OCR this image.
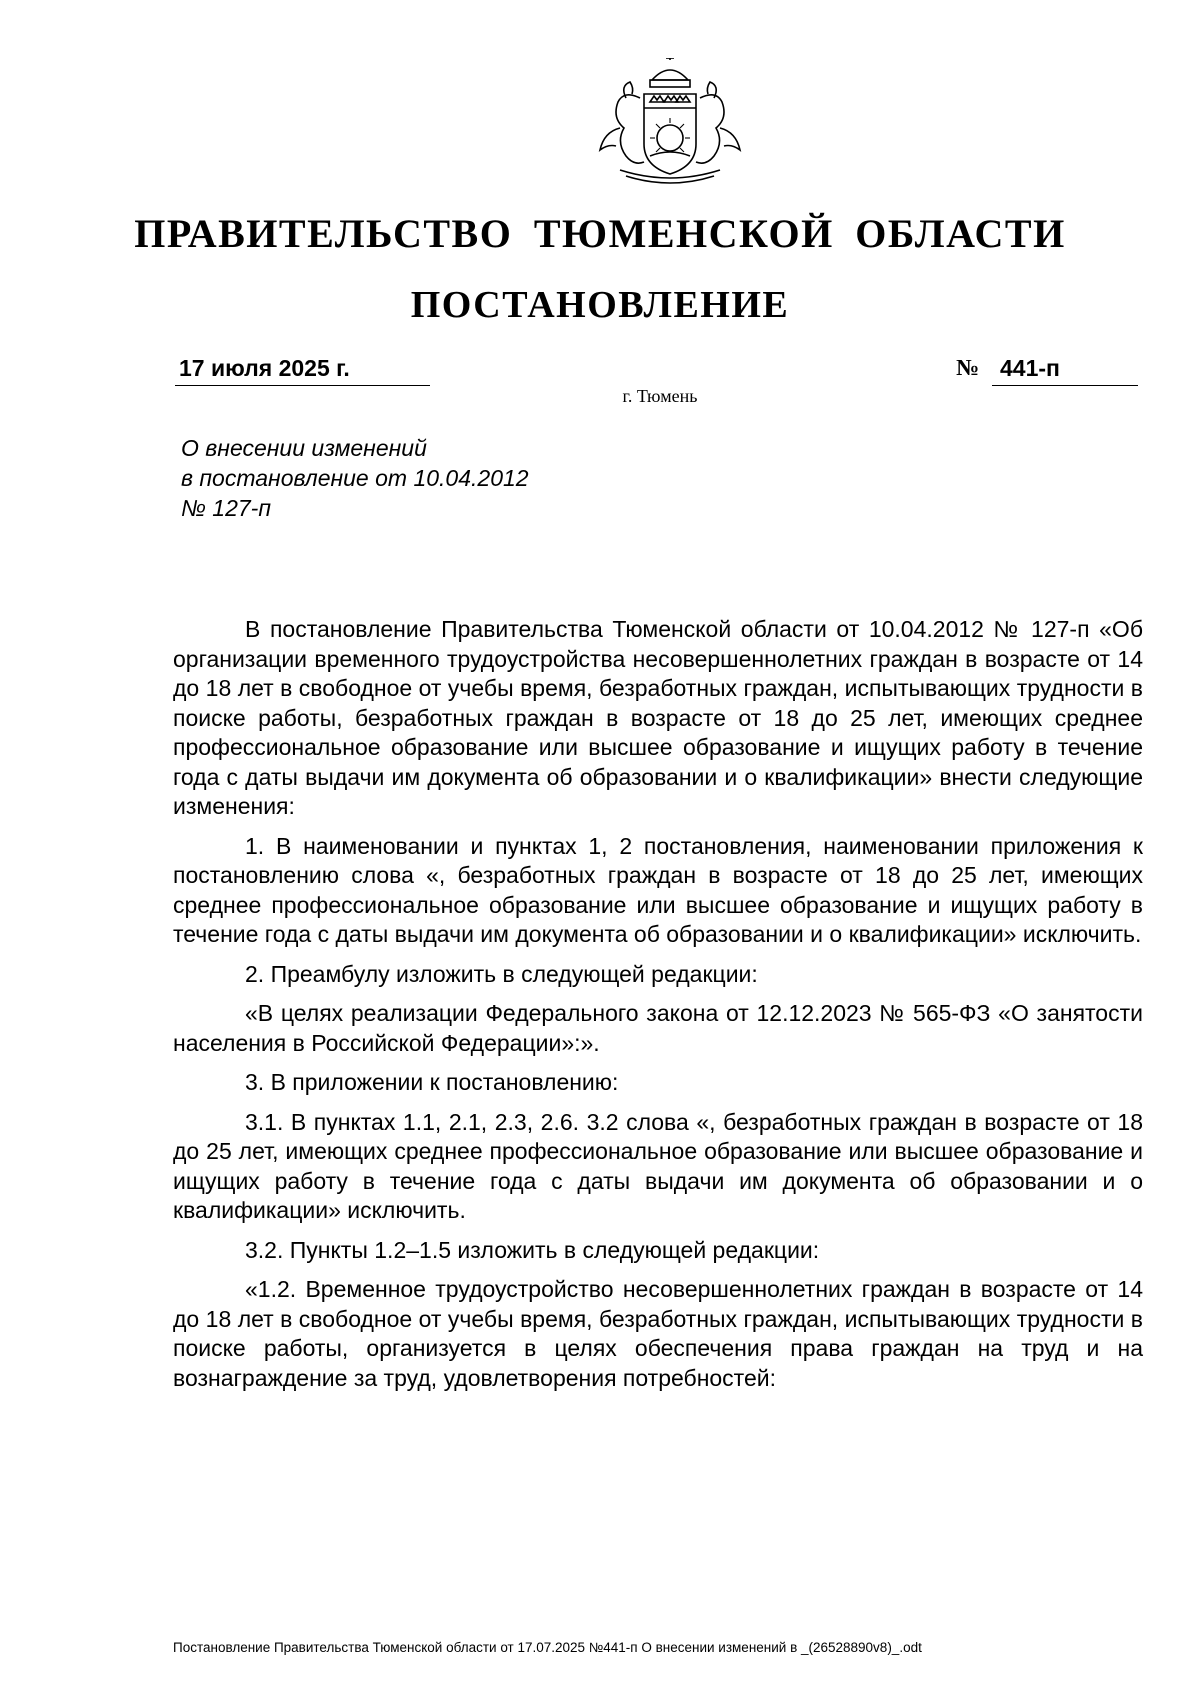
ПРАВИТЕЛЬСТВО ТЮМЕНСКОЙ ОБЛАСТИ
ПОСТАНОВЛЕНИЕ
17 июля 2025 г.	№ 441-п
г. Тюмень
О внесении изменений
в постановление от 10.04.2012
№ 127-п

В постановление Правительства Тюменской области от 10.04.2012 № 127-п «Об организации временного трудоустройства несовершеннолетних граждан в возрасте от 14 до 18 лет в свободное от учебы время, безработных граждан, испытывающих трудности в поиске работы, безработных граждан в возрасте от 18 до 25 лет, имеющих среднее профессиональное образование или высшее образование и ищущих работу в течение года с даты выдачи им документа об образовании и о квалификации» внести следующие изменения:

1. В наименовании и пунктах 1, 2 постановления, наименовании приложения к постановлению слова «, безработных граждан в возрасте от 18 до 25 лет, имеющих среднее профессиональное образование или высшее образование и ищущих работу в течение года с даты выдачи им документа об образовании и о квалификации» исключить.

2. Преамбулу изложить в следующей редакции:

«В целях реализации Федерального закона от 12.12.2023 № 565-ФЗ «О занятости населения в Российской Федерации»:».

3. В приложении к постановлению:

3.1. В пунктах 1.1, 2.1, 2.3, 2.6. 3.2 слова «, безработных граждан в возрасте от 18 до 25 лет, имеющих среднее профессиональное образование или высшее образование и ищущих работу в течение года с даты выдачи им документа об образовании и о квалификации» исключить.

3.2. Пункты 1.2–1.5 изложить в следующей редакции:

«1.2. Временное трудоустройство несовершеннолетних граждан в возрасте от 14 до 18 лет в свободное от учебы время, безработных граждан, испытывающих трудности в поиске работы, организуется в целях обеспечения права граждан на труд и на вознаграждение за труд, удовлетворения потребностей:

Постановление Правительства Тюменской области от 17.07.2025 №441-п О внесении изменений в _(26528890v8)_.odt
